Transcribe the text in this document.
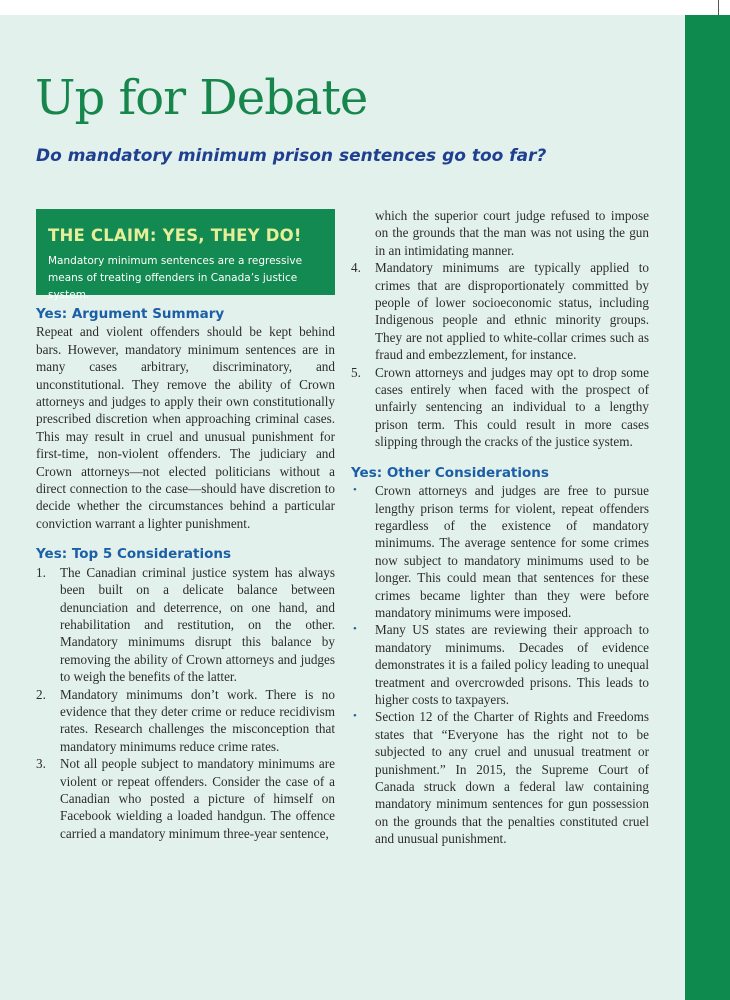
Up for Debate
Do mandatory minimum prison sentences go too far?
THE CLAIM: YES, THEY DO!

Mandatory minimum sentences are a regressive means of treating offenders in Canada’s justice system.

Yes: Argument Summary

Repeat and violent offenders should be kept behind bars. However, mandatory minimum sentences are in many cases arbitrary, discriminatory, and unconstitutional. They remove the ability of Crown attorneys and judges to apply their own constitutionally prescribed discretion when approaching criminal cases. This may result in cruel and unusual punishment for first-time, non-violent offenders. The judiciary and Crown attorneys—not elected politicians without a direct connection to the case—should have discretion to decide whether the circumstances behind a particular conviction warrant a lighter punishment.

Yes: Top 5 Considerations
1. The Canadian criminal justice system has always been built on a delicate balance between denunciation and deterrence, on one hand, and rehabilitation and restitution, on the other. Mandatory minimums disrupt this balance by removing the ability of Crown attorneys and judges to weigh the benefits of the latter.
2. Mandatory minimums don’t work. There is no evidence that they deter crime or reduce recidivism rates. Research challenges the misconception that mandatory minimums reduce crime rates.
3. Not all people subject to mandatory minimums are violent or repeat offenders. Consider the case of a Canadian who posted a picture of himself on Facebook wielding a loaded handgun. The offence carried a mandatory minimum three-year sentence,
which the superior court judge refused to impose on the grounds that the man was not using the gun in an intimidating manner.
4. Mandatory minimums are typically applied to crimes that are disproportionately committed by people of lower socioeconomic status, including Indigenous people and ethnic minority groups. They are not applied to white-collar crimes such as fraud and embezzlement, for instance.
5. Crown attorneys and judges may opt to drop some cases entirely when faced with the prospect of unfairly sentencing an individual to a lengthy prison term. This could result in more cases slipping through the cracks of the justice system.
Yes: Other Considerations
• Crown attorneys and judges are free to pursue lengthy prison terms for violent, repeat offenders regardless of the existence of mandatory minimums. The average sentence for some crimes now subject to mandatory minimums used to be longer. This could mean that sentences for these crimes became lighter than they were before mandatory minimums were imposed.
• Many US states are reviewing their approach to mandatory minimums. Decades of evidence demonstrates it is a failed policy leading to unequal treatment and overcrowded prisons. This leads to higher costs to taxpayers.
• Section 12 of the Charter of Rights and Freedoms states that “Everyone has the right not to be subjected to any cruel and unusual treatment or punishment.” In 2015, the Supreme Court of Canada struck down a federal law containing mandatory minimum sentences for gun possession on the grounds that the penalties constituted cruel and unusual punishment.
